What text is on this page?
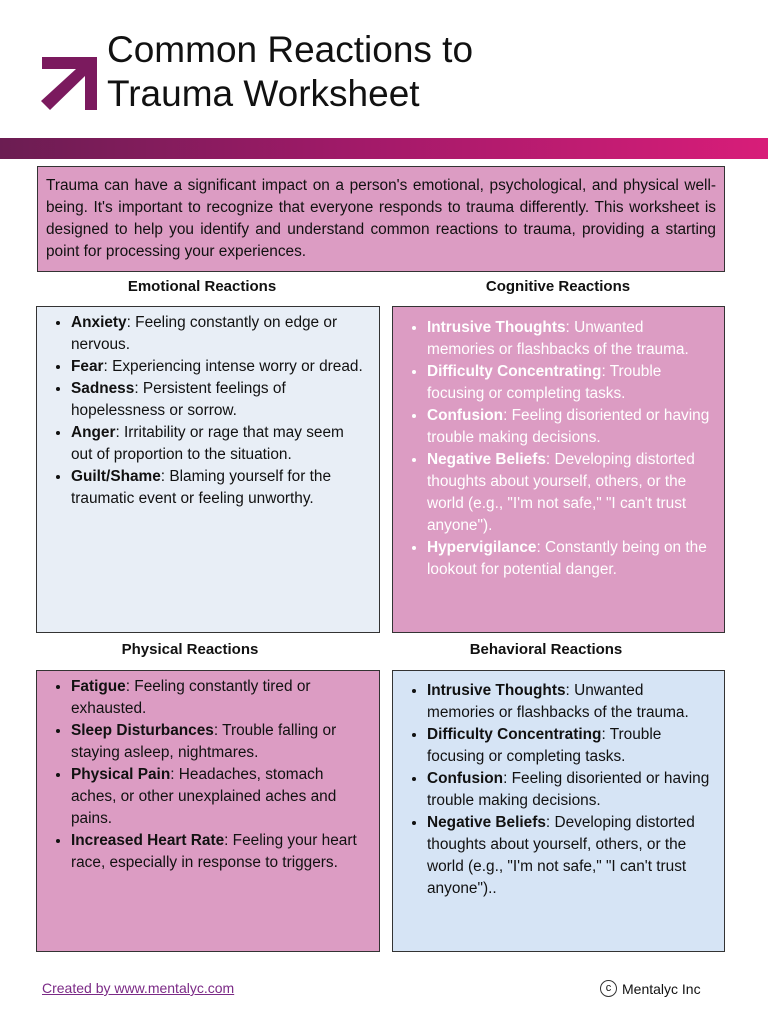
Common Reactions to
Trauma Worksheet
Trauma can have a significant impact on a person's emotional, psychological, and physical well-being. It's important to recognize that everyone responds to trauma differently. This worksheet is designed to help you identify and understand common reactions to trauma, providing a starting point for processing your experiences.
Emotional Reactions
• Anxiety: Feeling constantly on edge or nervous.
• Fear: Experiencing intense worry or dread.
• Sadness: Persistent feelings of hopelessness or sorrow.
• Anger: Irritability or rage that may seem out of proportion to the situation.
• Guilt/Shame: Blaming yourself for the traumatic event or feeling unworthy.
Cognitive Reactions
• Intrusive Thoughts: Unwanted memories or flashbacks of the trauma.
• Difficulty Concentrating: Trouble focusing or completing tasks.
• Confusion: Feeling disoriented or having trouble making decisions.
• Negative Beliefs: Developing distorted thoughts about yourself, others, or the world (e.g., "I'm not safe," "I can't trust anyone").
• Hypervigilance: Constantly being on the lookout for potential danger.
Physical Reactions
• Fatigue: Feeling constantly tired or exhausted.
• Sleep Disturbances: Trouble falling or staying asleep, nightmares.
• Physical Pain: Headaches, stomach aches, or other unexplained aches and pains.
• Increased Heart Rate: Feeling your heart race, especially in response to triggers.
Behavioral Reactions
• Intrusive Thoughts: Unwanted memories or flashbacks of the trauma.
• Difficulty Concentrating: Trouble focusing or completing tasks.
• Confusion: Feeling disoriented or having trouble making decisions.
• Negative Beliefs: Developing distorted thoughts about yourself, others, or the world (e.g., "I'm not safe," "I can't trust anyone")..
Created by www.mentalyc.com	c Mentalyc Inc
